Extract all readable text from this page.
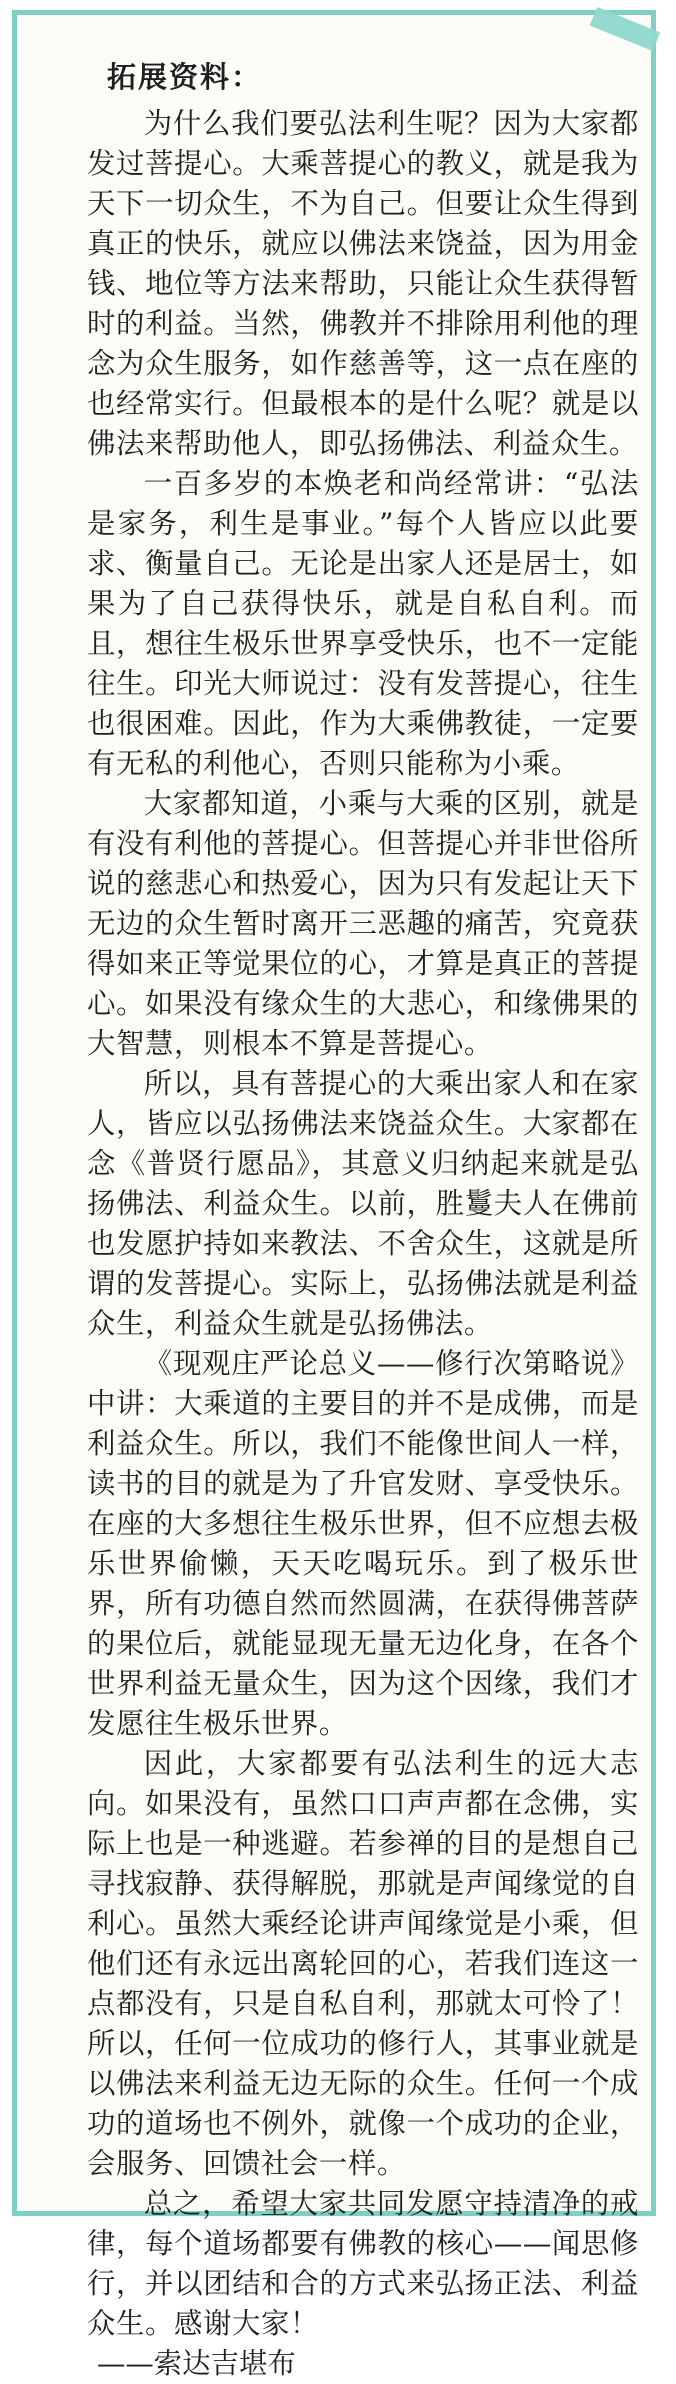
拓展资料：

为什么我们要弘法利生呢？因为大家都发过菩提心。大乘菩提心的教义，就是我为天下一切众生，不为自己。但要让众生得到真正的快乐，就应以佛法来饶益，因为用金钱、地位等方法来帮助，只能让众生获得暂时的利益。当然，佛教并不排除用利他的理念为众生服务，如作慈善等，这一点在座的也经常实行。但最根本的是什么呢？就是以佛法来帮助他人，即弘扬佛法、利益众生。

一百多岁的本焕老和尚经常讲：“弘法是家务，利生是事业。”每个人皆应以此要求、衡量自己。无论是出家人还是居士，如果为了自己获得快乐，就是自私自利。而且，想往生极乐世界享受快乐，也不一定能往生。印光大师说过：没有发菩提心，往生也很困难。因此，作为大乘佛教徒，一定要有无私的利他心，否则只能称为小乘。

大家都知道，小乘与大乘的区别，就是有没有利他的菩提心。但菩提心并非世俗所说的慈悲心和热爱心，因为只有发起让天下无边的众生暂时离开三恶趣的痛苦，究竟获得如来正等觉果位的心，才算是真正的菩提心。如果没有缘众生的大悲心，和缘佛果的大智慧，则根本不算是菩提心。

所以，具有菩提心的大乘出家人和在家人，皆应以弘扬佛法来饶益众生。大家都在念《普贤行愿品》，其意义归纳起来就是弘扬佛法、利益众生。以前，胜鬘夫人在佛前也发愿护持如来教法、不舍众生，这就是所谓的发菩提心。实际上，弘扬佛法就是利益众生，利益众生就是弘扬佛法。

《现观庄严论总义——修行次第略说》中讲：大乘道的主要目的并不是成佛，而是利益众生。所以，我们不能像世间人一样，读书的目的就是为了升官发财、享受快乐。在座的大多想往生极乐世界，但不应想去极乐世界偷懒，天天吃喝玩乐。到了极乐世界，所有功德自然而然圆满，在获得佛菩萨的果位后，就能显现无量无边化身，在各个世界利益无量众生，因为这个因缘，我们才发愿往生极乐世界。

因此，大家都要有弘法利生的远大志向。如果没有，虽然口口声声都在念佛，实际上也是一种逃避。若参禅的目的是想自己寻找寂静、获得解脱，那就是声闻缘觉的自利心。虽然大乘经论讲声闻缘觉是小乘，但他们还有永远出离轮回的心，若我们连这一点都没有，只是自私自利，那就太可怜了！所以，任何一位成功的修行人，其事业就是以佛法来利益无边无际的众生。任何一个成功的道场也不例外，就像一个成功的企业，会服务、回馈社会一样。

总之，希望大家共同发愿守持清净的戒律，每个道场都要有佛教的核心——闻思修行，并以团结和合的方式来弘扬正法、利益众生。感谢大家！

——索达吉堪布
